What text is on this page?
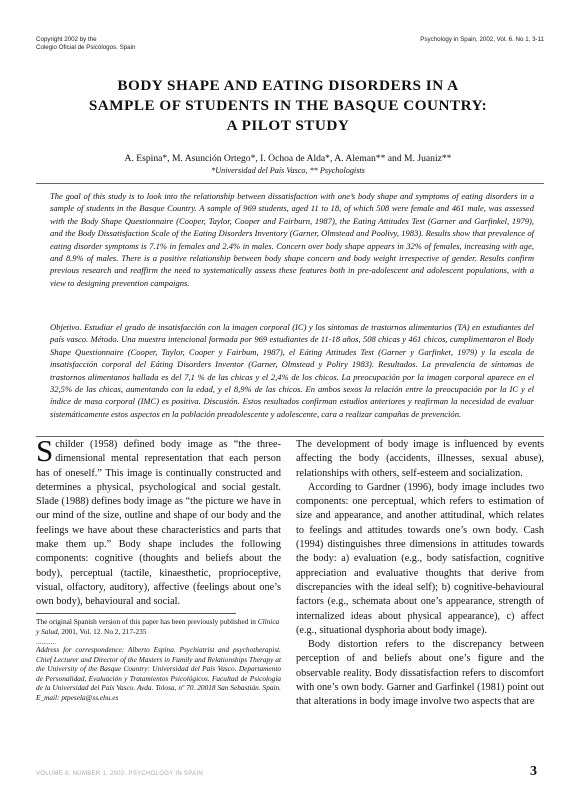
Copyright 2002 by the
Colegio Oficial de Psicólogos. Spain
Psychology in Spain, 2002, Vol. 6. No 1, 3-11
BODY SHAPE AND EATING DISORDERS IN A
SAMPLE OF STUDENTS IN THE BASQUE COUNTRY:
A PILOT STUDY
A. Espina*, M. Asunción Ortego*, I. Ochoa de Alda*, A. Aleman** and M. Juaniz**
*Universidad del País Vasco, ** Psychologists

The goal of this study is to look into the relationship between dissatisfaction with one’s body shape and symptoms of eating disorders in a sample of students in the Basque Country. A sample of 969 students, aged 11 to 18, of which 508 were female and 461 male, was assessed with the Body Shape Questionnaire (Cooper, Taylor, Cooper and Fairburn, 1987), the Eating Attitudes Test (Garner and Garfinkel, 1979), and the Body Dissatisfaction Scale of the Eating Disorders Inventory (Garner, Olmstead and Poolivy, 1983). Results show that prevalence of eating disorder symptoms is 7.1% in females and 2.4% in males. Concern over body shape appears in 32% of females, increasing with age, and 8.9% of males. There is a positive relationship between body shape concern and body weight irrespective of gender. Results confirm previous research and reaffirm the need to systematically assess these features both in pre-adolescent and adolescent populations, with a view to designing prevention campaigns.

Objetivo. Estudiar el grado de insatisfacción con la imagen corporal (IC) y los síntomas de trastornos alimentarios (TA) en estudiantes del país vasco. Método. Una muestra intencional formada por 969 estudiantes de 11-18 años, 508 chicas y 461 chicos, cumplimentaron el Body Shape Questionnaire (Cooper, Taylor, Cooper y Fairbum, 1987), el Eáting Attitudes Test (Garner y Garfinket, 1979) y la escala de insatisfacción corporal del Eáting Disorders Inventor (Garner, Olmstead y Poliry 1983). Resultados. La prevalencia de síntomas de trastornos alimentanos hallada es del 7,1 % de las chicas y el 2,4% de los chicos. La preocupación por la imagen corporal aparece en el 32,5% de las chicas, aumentando con la edad, y el 8,9% de las chicos. En ambos sexos la relación entre la preocupación por la IC y el índice de masa corporal (IMC) es positiva. Discusión. Estos resultados confirman estudios anteriores y reafirman la necesidad de evaluar sistemáticamente estos aspectos en la población preadolescente y adolescente, cara a realizar campañas de prevención.

Schilder (1958) defined body image as “the three-dimensional mental representation that each person has of oneself.” This image is continually constructed and determines a physical, psychological and social gestalt. Slade (1988) defines body image as “the picture we have in our mind of the size, outline and shape of our body and the feelings we have about these characteristics and parts that make them up.” Body shape includes the following components: cognitive (thoughts and beliefs about the body), perceptual (tactile, kinaesthetic, proprioceptive, visual, olfactory, auditory), affective (feelings about one’s own body), behavioural and social.

The original Spanish version of this paper has been previously published in Clínica y Salud, 2001, Vol. 12. No 2, 217-235
...........
Address for correspondence: Alberto Espina. Psychiatrist and psychotherapist. Chief Lecturer and Director of the Masters in Family and Relationships Therapy at the University of the Basque Country: Universidad del País Vasco. Departamento de Personalidad, Evaluación y Tratamientos Psicológicos. Facultad de Psicología de la Universidad del País Vasco. Avda. Tolosa, nº 70. 20018 San Sebastián. Spain. E_mail: ptpesela@ss.ehu.es

The development of body image is influenced by events affecting the body (accidents, illnesses, sexual abuse), relationships with others, self-esteem and socialization.

According to Gardner (1996), body image includes two components: one perceptual, which refers to estimation of size and appearance, and another attitudinal, which relates to feelings and attitudes towards one’s own body. Cash (1994) distinguishes three dimensions in attitudes towards the body: a) evaluation (e.g., body satisfaction, cognitive appreciation and evaluative thoughts that derive from discrepancies with the ideal self); b) cognitive-behavioural factors (e.g., schemata about one’s appearance, strength of internalized ideas about physical appearance), c) affect (e.g., situational dysphoria about body image).

Body distortion refers to the discrepancy between perception of and beliefs about one’s figure and the observable reality. Body dissatisfaction refers to discomfort with one’s own body. Garner and Garfinkel (1981) point out that alterations in body image involve two aspects that are

VOLUME 6. NUMBER 1. 2002. PSYCHOLOGY IN SPAIN	3
